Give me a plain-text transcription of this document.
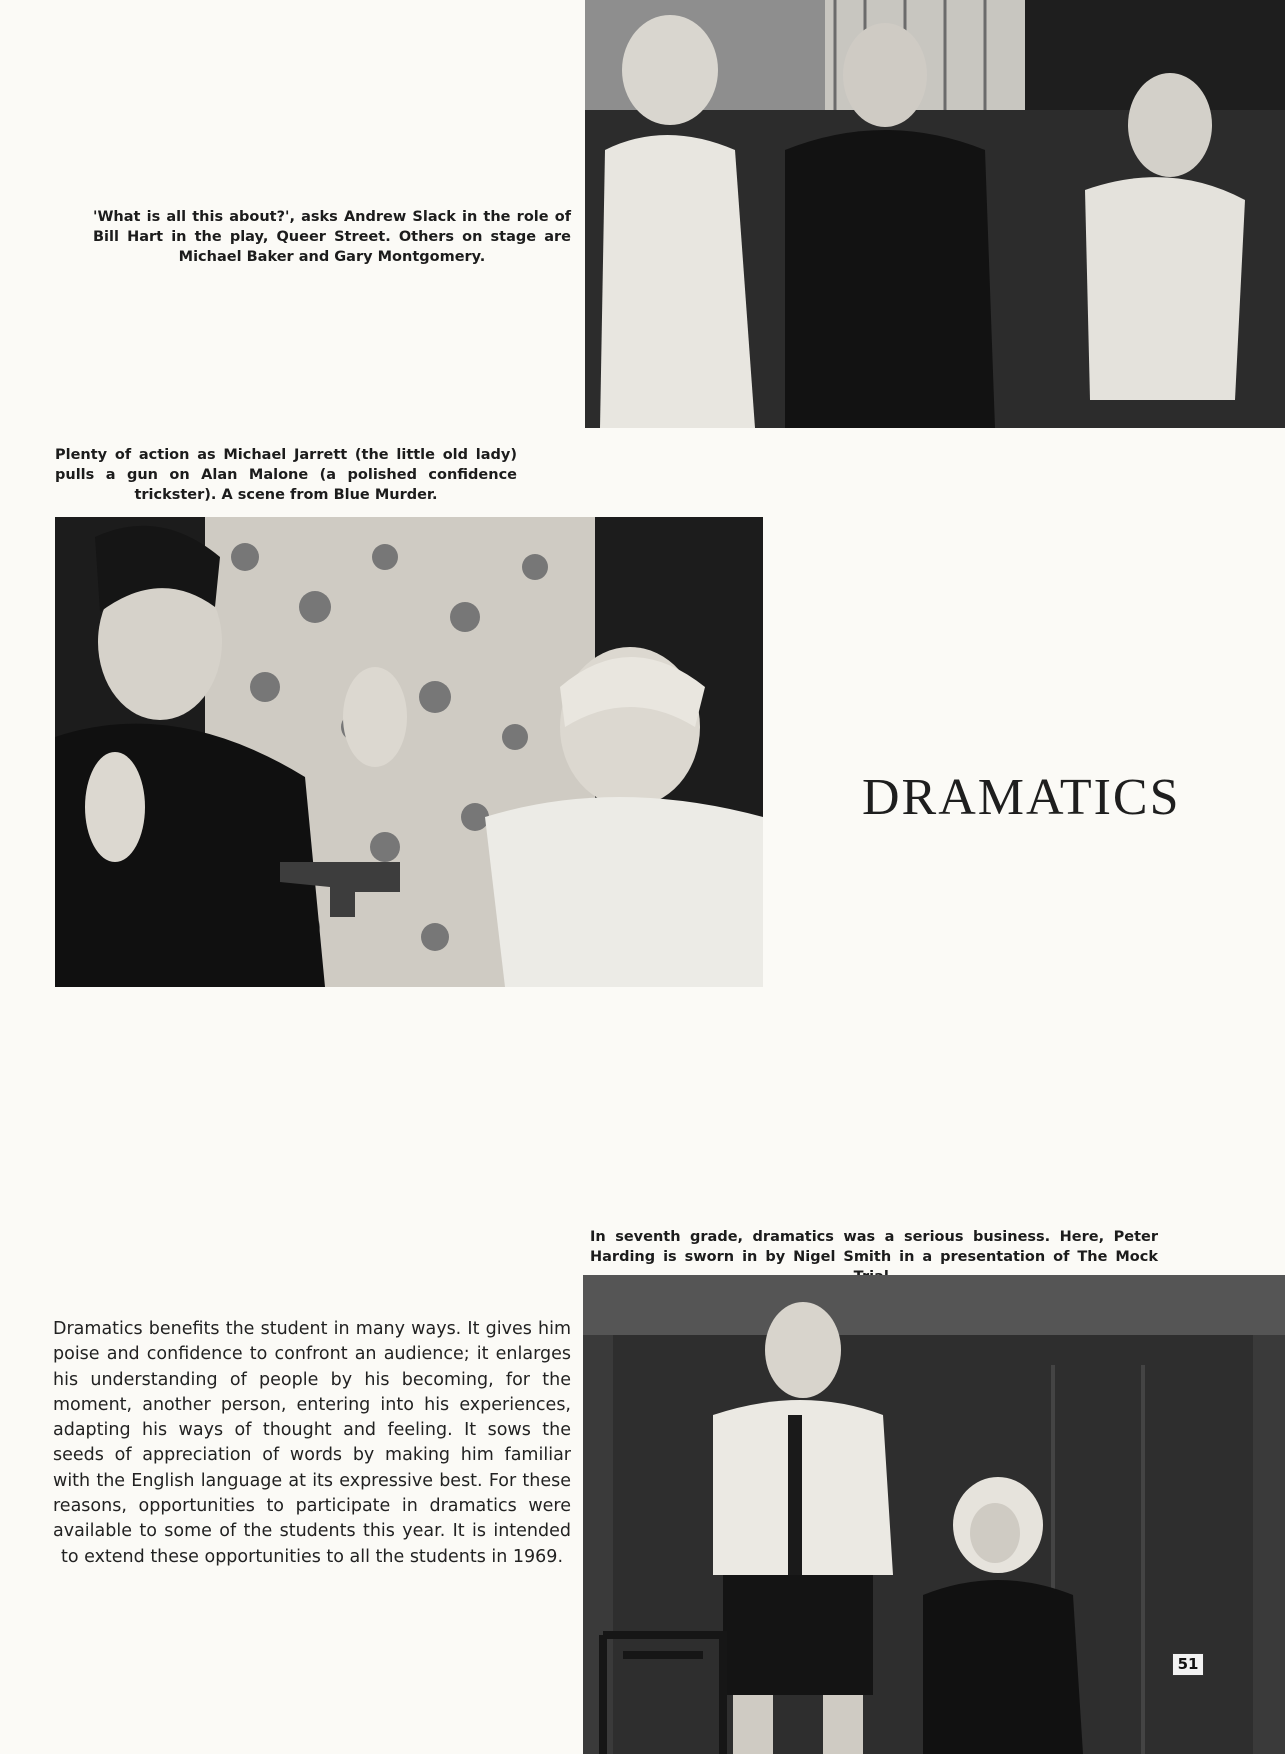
'What is all this about?', asks Andrew Slack in the role of Bill Hart in the play, Queer Street. Others on stage are Michael Baker and Gary Montgomery.
Plenty of action as Michael Jarrett (the little old lady) pulls a gun on Alan Malone (a polished confidence trickster). A scene from Blue Murder.
DRAMATICS
In seventh grade, dramatics was a serious business. Here, Peter Harding is sworn in by Nigel Smith in a presentation of The Mock
51
Dramatics benefits the student in many ways. It gives him poise and confidence to confront an audience; it enlarges his understanding of people by his becoming, for the moment, another person, entering into his experiences, adapting his ways of thought and feeling. It sows the seeds of appreciation of words by making him familiar with the English language at its expressive best. For these reasons, opportunities to participate in dramatics were available to some of the students this year. It is intended to extend these opportunities to all the students in 1969.
